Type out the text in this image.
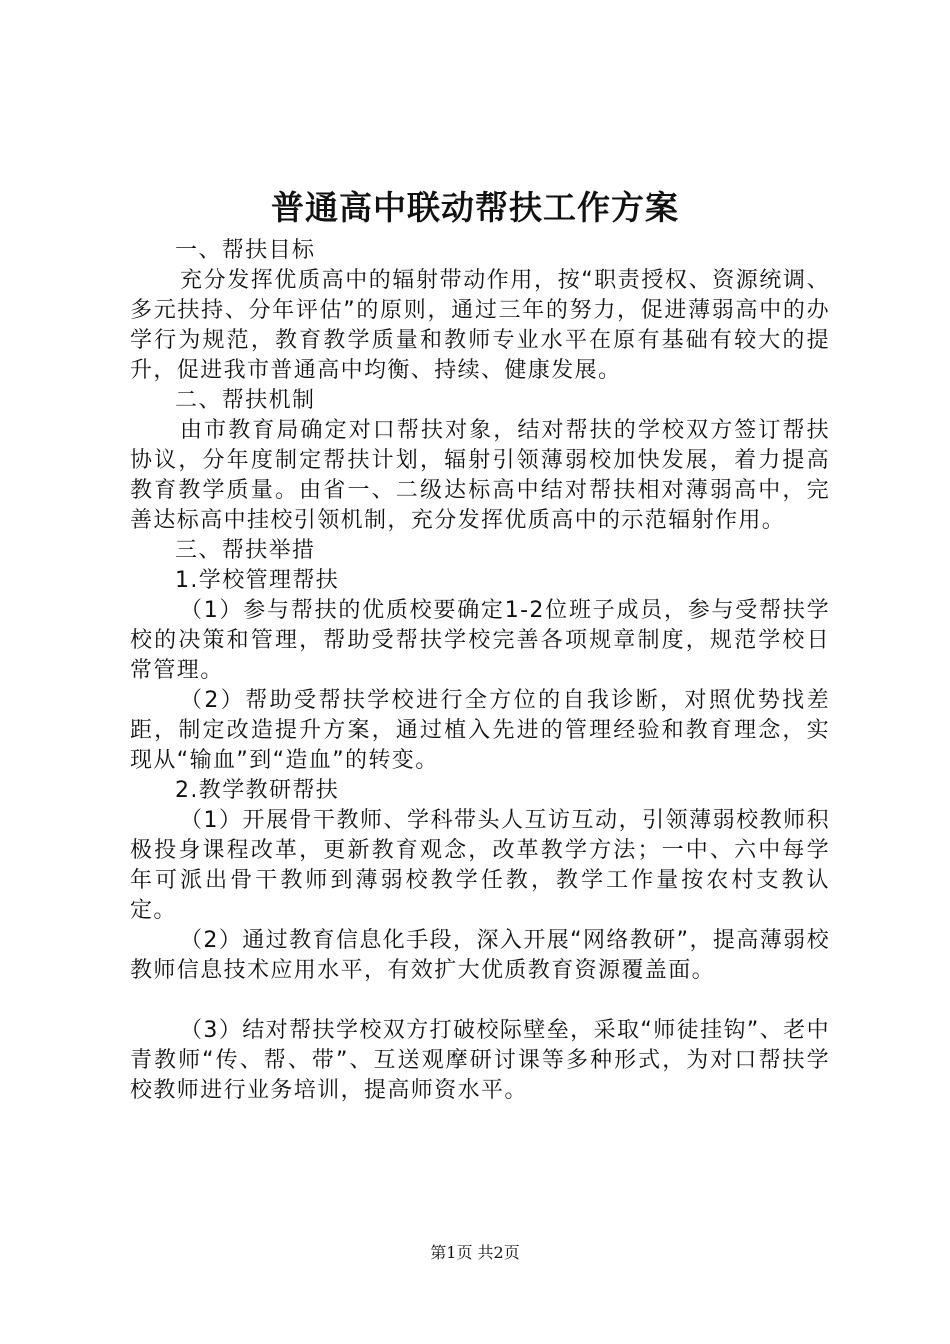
普通高中联动帮扶工作方案

一、帮扶目标

充分发挥优质高中的辐射带动作用，按“职责授权、资源统调、多元扶持、分年评估”的原则，通过三年的努力，促进薄弱高中的办学行为规范，教育教学质量和教师专业水平在原有基础有较大的提升，促进我市普通高中均衡、持续、健康发展。

二、帮扶机制

由市教育局确定对口帮扶对象，结对帮扶的学校双方签订帮扶协议，分年度制定帮扶计划，辐射引领薄弱校加快发展，着力提高教育教学质量。由省一、二级达标高中结对帮扶相对薄弱高中，完善达标高中挂校引领机制，充分发挥优质高中的示范辐射作用。

三、帮扶举措

1.学校管理帮扶

（1）参与帮扶的优质校要确定1-2位班子成员，参与受帮扶学校的决策和管理，帮助受帮扶学校完善各项规章制度，规范学校日常管理。

（2）帮助受帮扶学校进行全方位的自我诊断，对照优势找差距，制定改造提升方案，通过植入先进的管理经验和教育理念，实现从“输血”到“造血”的转变。

2.教学教研帮扶

（1）开展骨干教师、学科带头人互访互动，引领薄弱校教师积极投身课程改革，更新教育观念，改革教学方法；一中、六中每学年可派出骨干教师到薄弱校教学任教，教学工作量按农村支教认定。

（2）通过教育信息化手段，深入开展“网络教研”，提高薄弱校教师信息技术应用水平，有效扩大优质教育资源覆盖面。

（3）结对帮扶学校双方打破校际壁垒，采取“师徒挂钩”、老中青教师“传、帮、带”、互送观摩研讨课等多种形式，为对口帮扶学校教师进行业务培训，提高师资水平。

第1页 共2页
